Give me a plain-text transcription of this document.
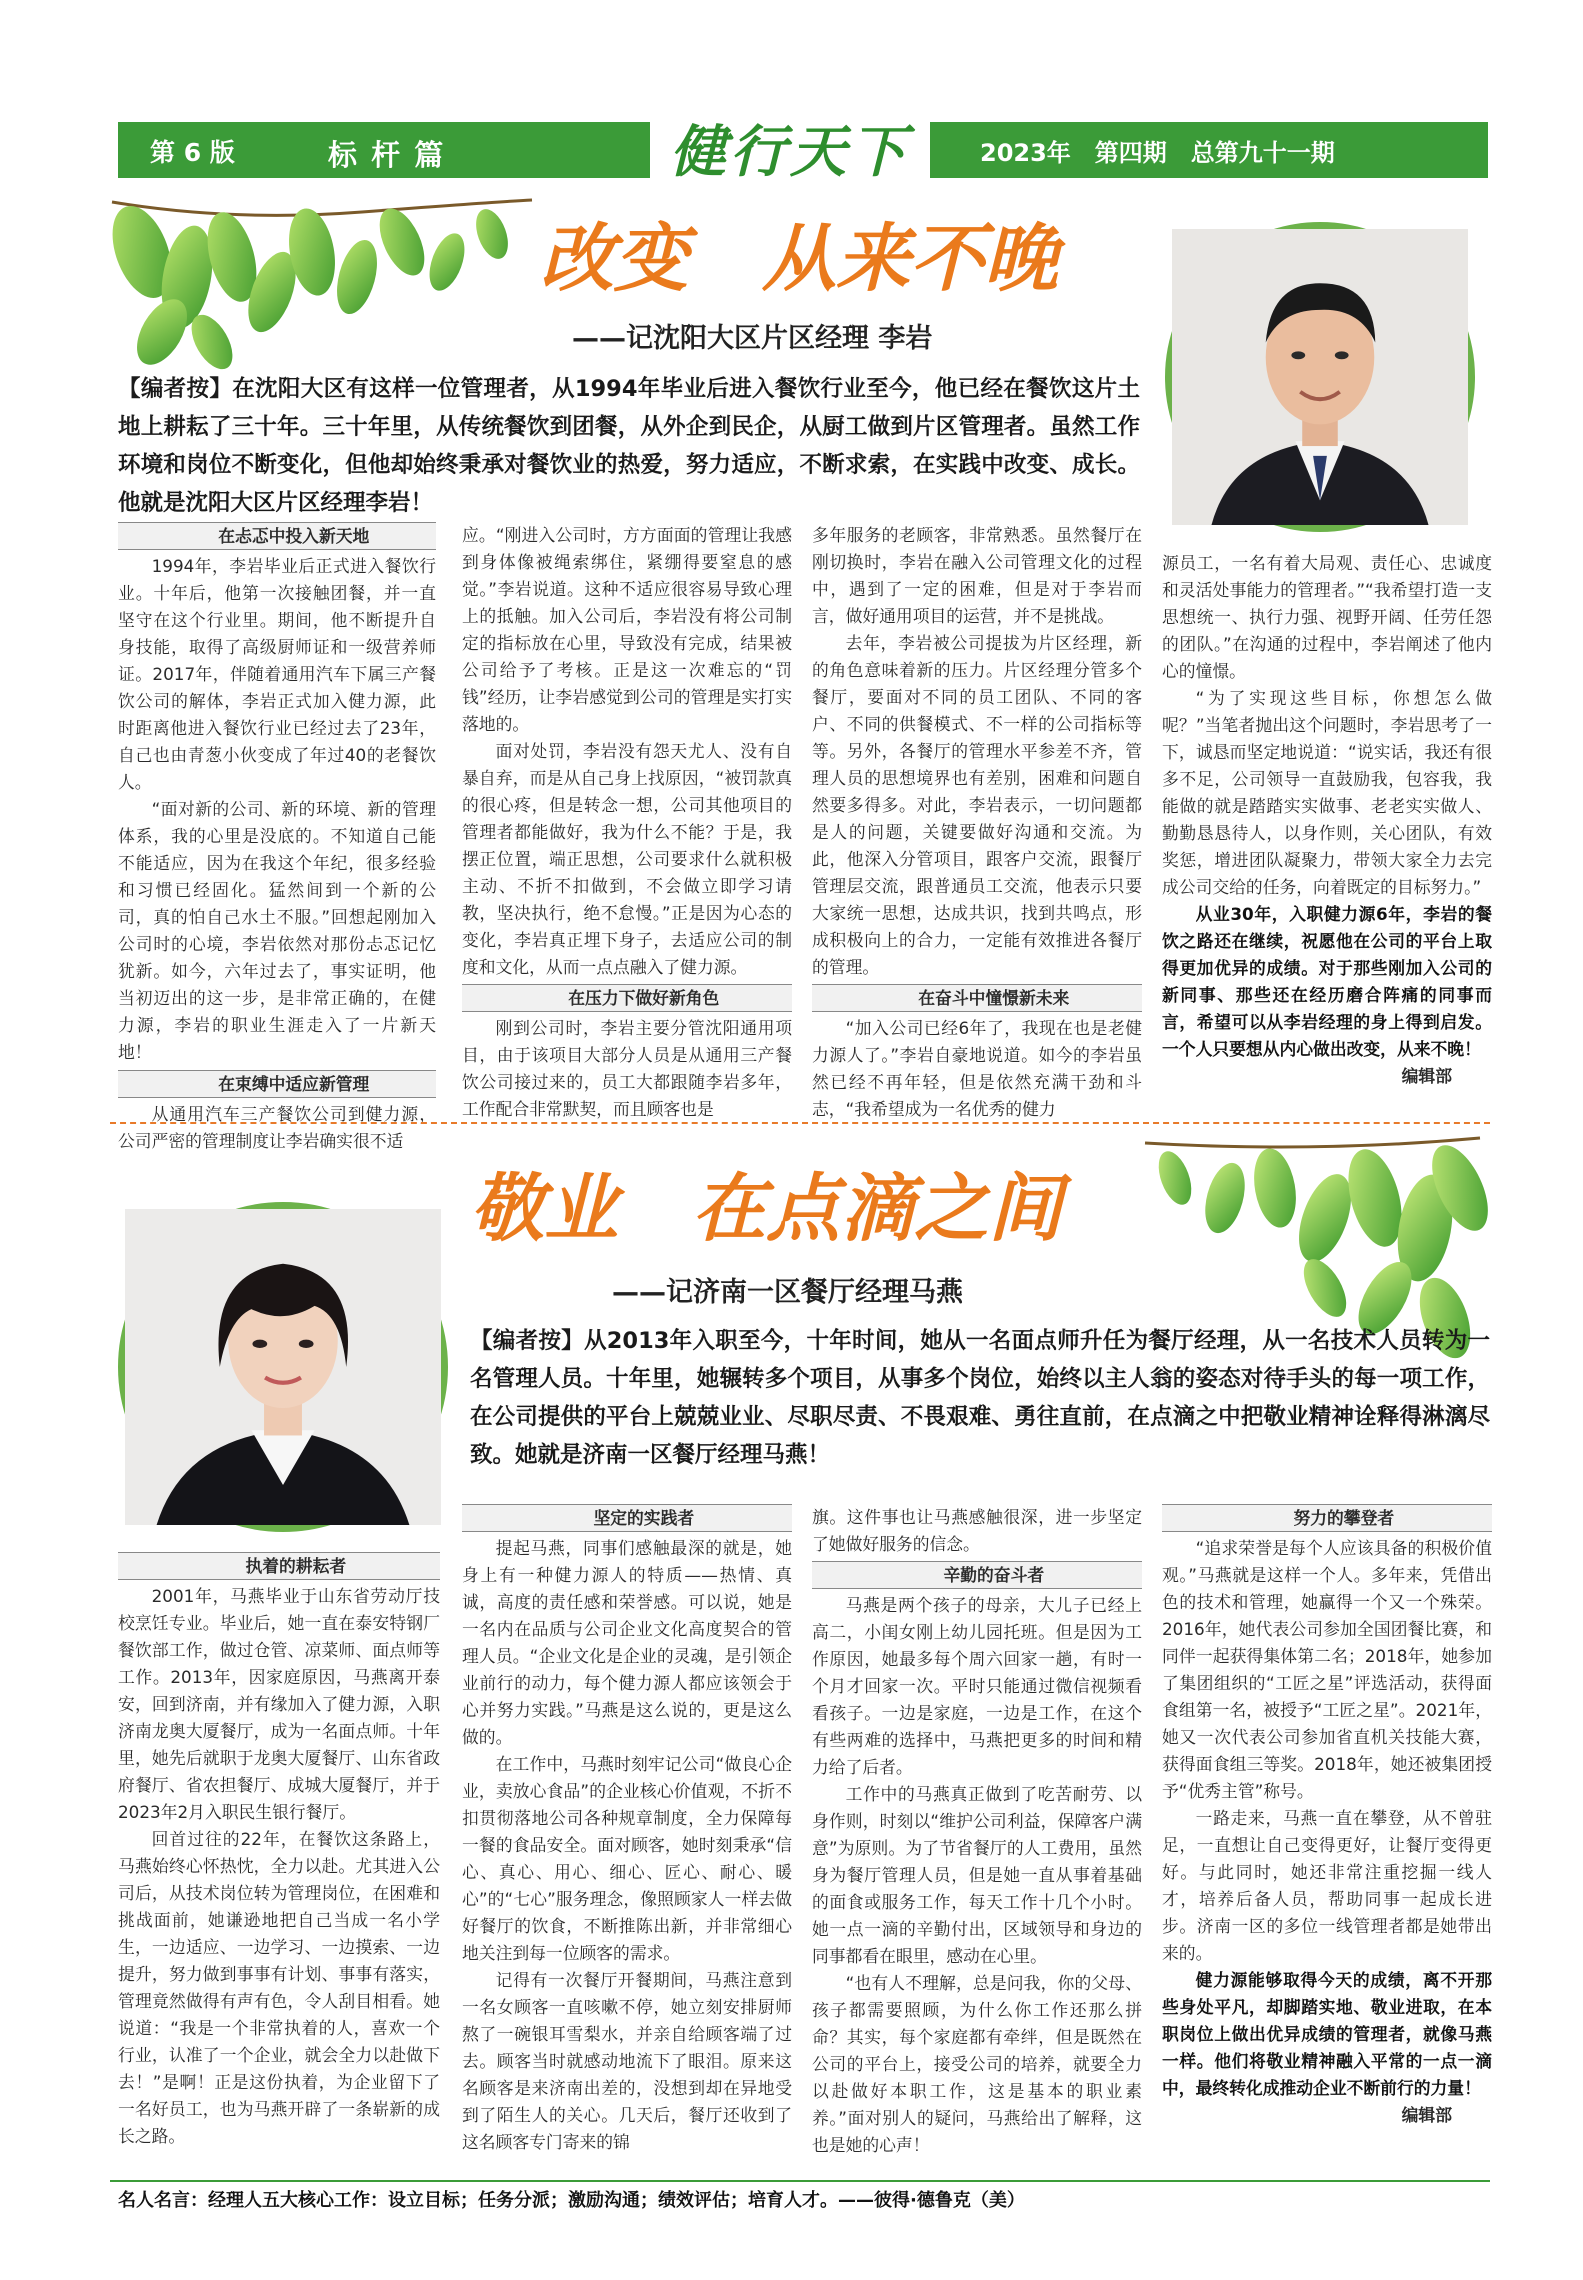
第 6 版	标 杆 篇	健行天下	2023年　第四期　总第九十一期
改变　从来不晚
——记沈阳大区片区经理 李岩
【编者按】在沈阳大区有这样一位管理者，从1994年毕业后进入餐饮行业至今，他已经在餐饮这片土地上耕耘了三十年。三十年里，从传统餐饮到团餐，从外企到民企，从厨工做到片区管理者。虽然工作环境和岗位不断变化，但他却始终秉承对餐饮业的热爱，努力适应，不断求索，在实践中改变、成长。他就是沈阳大区片区经理李岩！

在忐忑中投入新天地

1994年，李岩毕业后正式进入餐饮行业。十年后，他第一次接触团餐，并一直坚守在这个行业里。期间，他不断提升自身技能，取得了高级厨师证和一级营养师证。2017年，伴随着通用汽车下属三产餐饮公司的解体，李岩正式加入健力源，此时距离他进入餐饮行业已经过去了23年，自己也由青葱小伙变成了年过40的老餐饮人。

“面对新的公司、新的环境、新的管理体系，我的心里是没底的。不知道自己能不能适应，因为在我这个年纪，很多经验和习惯已经固化。猛然间到一个新的公司，真的怕自己水土不服。”回想起刚加入公司时的心境，李岩依然对那份忐忑记忆犹新。如今，六年过去了，事实证明，他当初迈出的这一步，是非常正确的，在健力源，李岩的职业生涯走入了一片新天地！

在束缚中适应新管理

从通用汽车三产餐饮公司到健力源，公司严密的管理制度让李岩确实很不适

应。“刚进入公司时，方方面面的管理让我感到身体像被绳索绑住，紧绷得要窒息的感觉。”李岩说道。这种不适应很容易导致心理上的抵触。加入公司后，李岩没有将公司制定的指标放在心里，导致没有完成，结果被公司给予了考核。正是这一次难忘的“罚钱”经历，让李岩感觉到公司的管理是实打实落地的。

面对处罚，李岩没有怨天尤人、没有自暴自弃，而是从自己身上找原因，“被罚款真的很心疼，但是转念一想，公司其他项目的管理者都能做好，我为什么不能？于是，我摆正位置，端正思想，公司要求什么就积极主动、不折不扣做到，不会做立即学习请教，坚决执行，绝不怠慢。”正是因为心态的变化，李岩真正埋下身子，去适应公司的制度和文化，从而一点点融入了健力源。

在压力下做好新角色

刚到公司时，李岩主要分管沈阳通用项目，由于该项目大部分人员是从通用三产餐饮公司接过来的，员工大都跟随李岩多年，工作配合非常默契，而且顾客也是

多年服务的老顾客，非常熟悉。虽然餐厅在刚切换时，李岩在融入公司管理文化的过程中，遇到了一定的困难，但是对于李岩而言，做好通用项目的运营，并不是挑战。

去年，李岩被公司提拔为片区经理，新的角色意味着新的压力。片区经理分管多个餐厅，要面对不同的员工团队、不同的客户、不同的供餐模式、不一样的公司指标等等。另外，各餐厅的管理水平参差不齐，管理人员的思想境界也有差别，困难和问题自然要多得多。对此，李岩表示，一切问题都是人的问题，关键要做好沟通和交流。为此，他深入分管项目，跟客户交流，跟餐厅管理层交流，跟普通员工交流，他表示只要大家统一思想，达成共识，找到共鸣点，形成积极向上的合力，一定能有效推进各餐厅的管理。

在奋斗中憧憬新未来

“加入公司已经6年了，我现在也是老健力源人了。”李岩自豪地说道。如今的李岩虽然已经不再年轻，但是依然充满干劲和斗志，“我希望成为一名优秀的健力

源员工，一名有着大局观、责任心、忠诚度和灵活处事能力的管理者。”“我希望打造一支思想统一、执行力强、视野开阔、任劳任怨的团队。”在沟通的过程中，李岩阐述了他内心的憧憬。

“为了实现这些目标，你想怎么做呢？”当笔者抛出这个问题时，李岩思考了一下，诚恳而坚定地说道：“说实话，我还有很多不足，公司领导一直鼓励我，包容我，我能做的就是踏踏实实做事、老老实实做人、勤勤恳恳待人，以身作则，关心团队，有效奖惩，增进团队凝聚力，带领大家全力去完成公司交给的任务，向着既定的目标努力。”

从业30年，入职健力源6年，李岩的餐饮之路还在继续，祝愿他在公司的平台上取得更加优异的成绩。对于那些刚加入公司的新同事、那些还在经历磨合阵痛的同事而言，希望可以从李岩经理的身上得到启发。一个人只要想从内心做出改变，从来不晚！

编辑部

敬业　在点滴之间
——记济南一区餐厅经理马燕
【编者按】从2013年入职至今，十年时间，她从一名面点师升任为餐厅经理，从一名技术人员转为一名管理人员。十年里，她辗转多个项目，从事多个岗位，始终以主人翁的姿态对待手头的每一项工作，在公司提供的平台上兢兢业业、尽职尽责、不畏艰难、勇往直前，在点滴之中把敬业精神诠释得淋漓尽致。她就是济南一区餐厅经理马燕！

执着的耕耘者

2001年，马燕毕业于山东省劳动厅技校烹饪专业。毕业后，她一直在泰安特钢厂餐饮部工作，做过仓管、凉菜师、面点师等工作。2013年，因家庭原因，马燕离开泰安，回到济南，并有缘加入了健力源，入职济南龙奥大厦餐厅，成为一名面点师。十年里，她先后就职于龙奥大厦餐厅、山东省政府餐厅、省农担餐厅、成城大厦餐厅，并于2023年2月入职民生银行餐厅。

回首过往的22年，在餐饮这条路上，马燕始终心怀热忱，全力以赴。尤其进入公司后，从技术岗位转为管理岗位，在困难和挑战面前，她谦逊地把自己当成一名小学生，一边适应、一边学习、一边摸索、一边提升，努力做到事事有计划、事事有落实，管理竟然做得有声有色，令人刮目相看。她说道：“我是一个非常执着的人，喜欢一个行业，认准了一个企业，就会全力以赴做下去！”是啊！正是这份执着，为企业留下了一名好员工，也为马燕开辟了一条崭新的成长之路。

坚定的实践者

提起马燕，同事们感触最深的就是，她身上有一种健力源人的特质——热情、真诚，高度的责任感和荣誉感。可以说，她是一名内在品质与公司企业文化高度契合的管理人员。“企业文化是企业的灵魂，是引领企业前行的动力，每个健力源人都应该领会于心并努力实践。”马燕是这么说的，更是这么做的。

在工作中，马燕时刻牢记公司“做良心企业，卖放心食品”的企业核心价值观，不折不扣贯彻落地公司各种规章制度，全力保障每一餐的食品安全。面对顾客，她时刻秉承“信心、真心、用心、细心、匠心、耐心、暖心”的“七心”服务理念，像照顾家人一样去做好餐厅的饮食，不断推陈出新，并非常细心地关注到每一位顾客的需求。

记得有一次餐厅开餐期间，马燕注意到一名女顾客一直咳嗽不停，她立刻安排厨师熬了一碗银耳雪梨水，并亲自给顾客端了过去。顾客当时就感动地流下了眼泪。原来这名顾客是来济南出差的，没想到却在异地受到了陌生人的关心。几天后，餐厅还收到了这名顾客专门寄来的锦

旗。这件事也让马燕感触很深，进一步坚定了她做好服务的信念。

辛勤的奋斗者

马燕是两个孩子的母亲，大儿子已经上高二，小闺女刚上幼儿园托班。但是因为工作原因，她最多每个周六回家一趟，有时一个月才回家一次。平时只能通过微信视频看看孩子。一边是家庭，一边是工作，在这个有些两难的选择中，马燕把更多的时间和精力给了后者。

工作中的马燕真正做到了吃苦耐劳、以身作则，时刻以“维护公司利益，保障客户满意”为原则。为了节省餐厅的人工费用，虽然身为餐厅管理人员，但是她一直从事着基础的面食或服务工作，每天工作十几个小时。她一点一滴的辛勤付出，区域领导和身边的同事都看在眼里，感动在心里。

“也有人不理解，总是问我，你的父母、孩子都需要照顾，为什么你工作还那么拼命？其实，每个家庭都有牵绊，但是既然在公司的平台上，接受公司的培养，就要全力以赴做好本职工作，这是基本的职业素养。”面对别人的疑问，马燕给出了解释，这也是她的心声！

努力的攀登者

“追求荣誉是每个人应该具备的积极价值观。”马燕就是这样一个人。多年来，凭借出色的技术和管理，她赢得一个又一个殊荣。2016年，她代表公司参加全国团餐比赛，和同伴一起获得集体第二名；2018年，她参加了集团组织的“工匠之星”评选活动，获得面食组第一名，被授予“工匠之星”。2021年，她又一次代表公司参加省直机关技能大赛，获得面食组三等奖。2018年，她还被集团授予“优秀主管”称号。

一路走来，马燕一直在攀登，从不曾驻足，一直想让自己变得更好，让餐厅变得更好。与此同时，她还非常注重挖掘一线人才，培养后备人员，帮助同事一起成长进步。济南一区的多位一线管理者都是她带出来的。

健力源能够取得今天的成绩，离不开那些身处平凡，却脚踏实地、敬业进取，在本职岗位上做出优异成绩的管理者，就像马燕一样。他们将敬业精神融入平常的一点一滴中，最终转化成推动企业不断前行的力量！

编辑部

名人名言：经理人五大核心工作：设立目标；任务分派；激励沟通；绩效评估；培育人才。——彼得·德鲁克（美）
